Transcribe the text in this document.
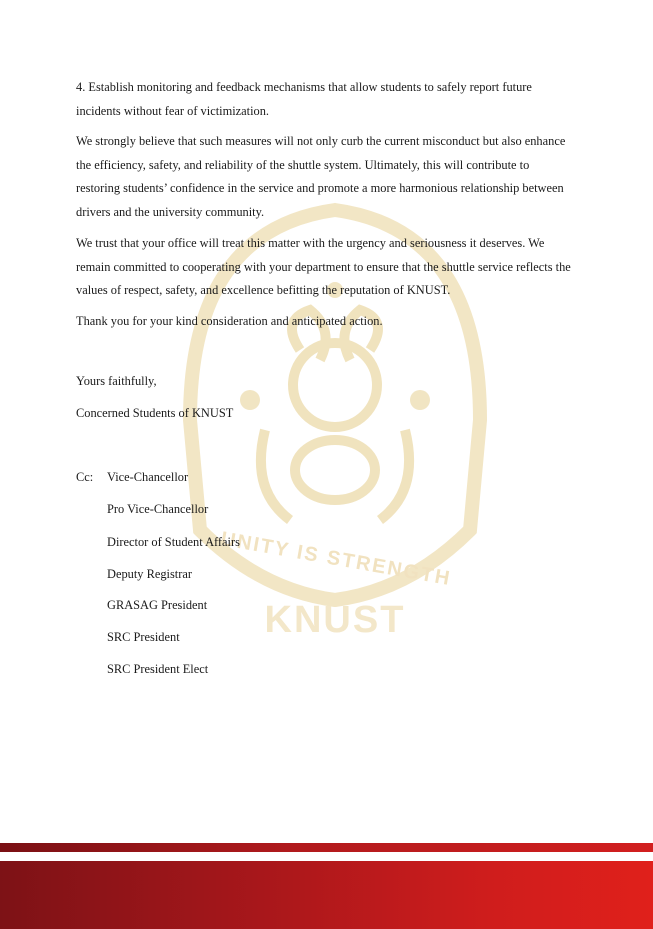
UNITY IS STRENGTH
KNUST

4. Establish monitoring and feedback mechanisms that allow students to safely report future incidents without fear of victimization.

We strongly believe that such measures will not only curb the current misconduct but also enhance the efficiency, safety, and reliability of the shuttle system. Ultimately, this will contribute to restoring students’ confidence in the service and promote a more harmonious relationship between drivers and the university community.

We trust that your office will treat this matter with the urgency and seriousness it deserves. We remain committed to cooperating with your department to ensure that the shuttle service reflects the values of respect, safety, and excellence befitting the reputation of KNUST.

Thank you for your kind consideration and anticipated action.

Yours faithfully,
Concerned Students of KNUST
Cc: Vice-Chancellor
Pro Vice-Chancellor
Director of Student Affairs
Deputy Registrar
GRASAG President
SRC President
SRC President Elect
